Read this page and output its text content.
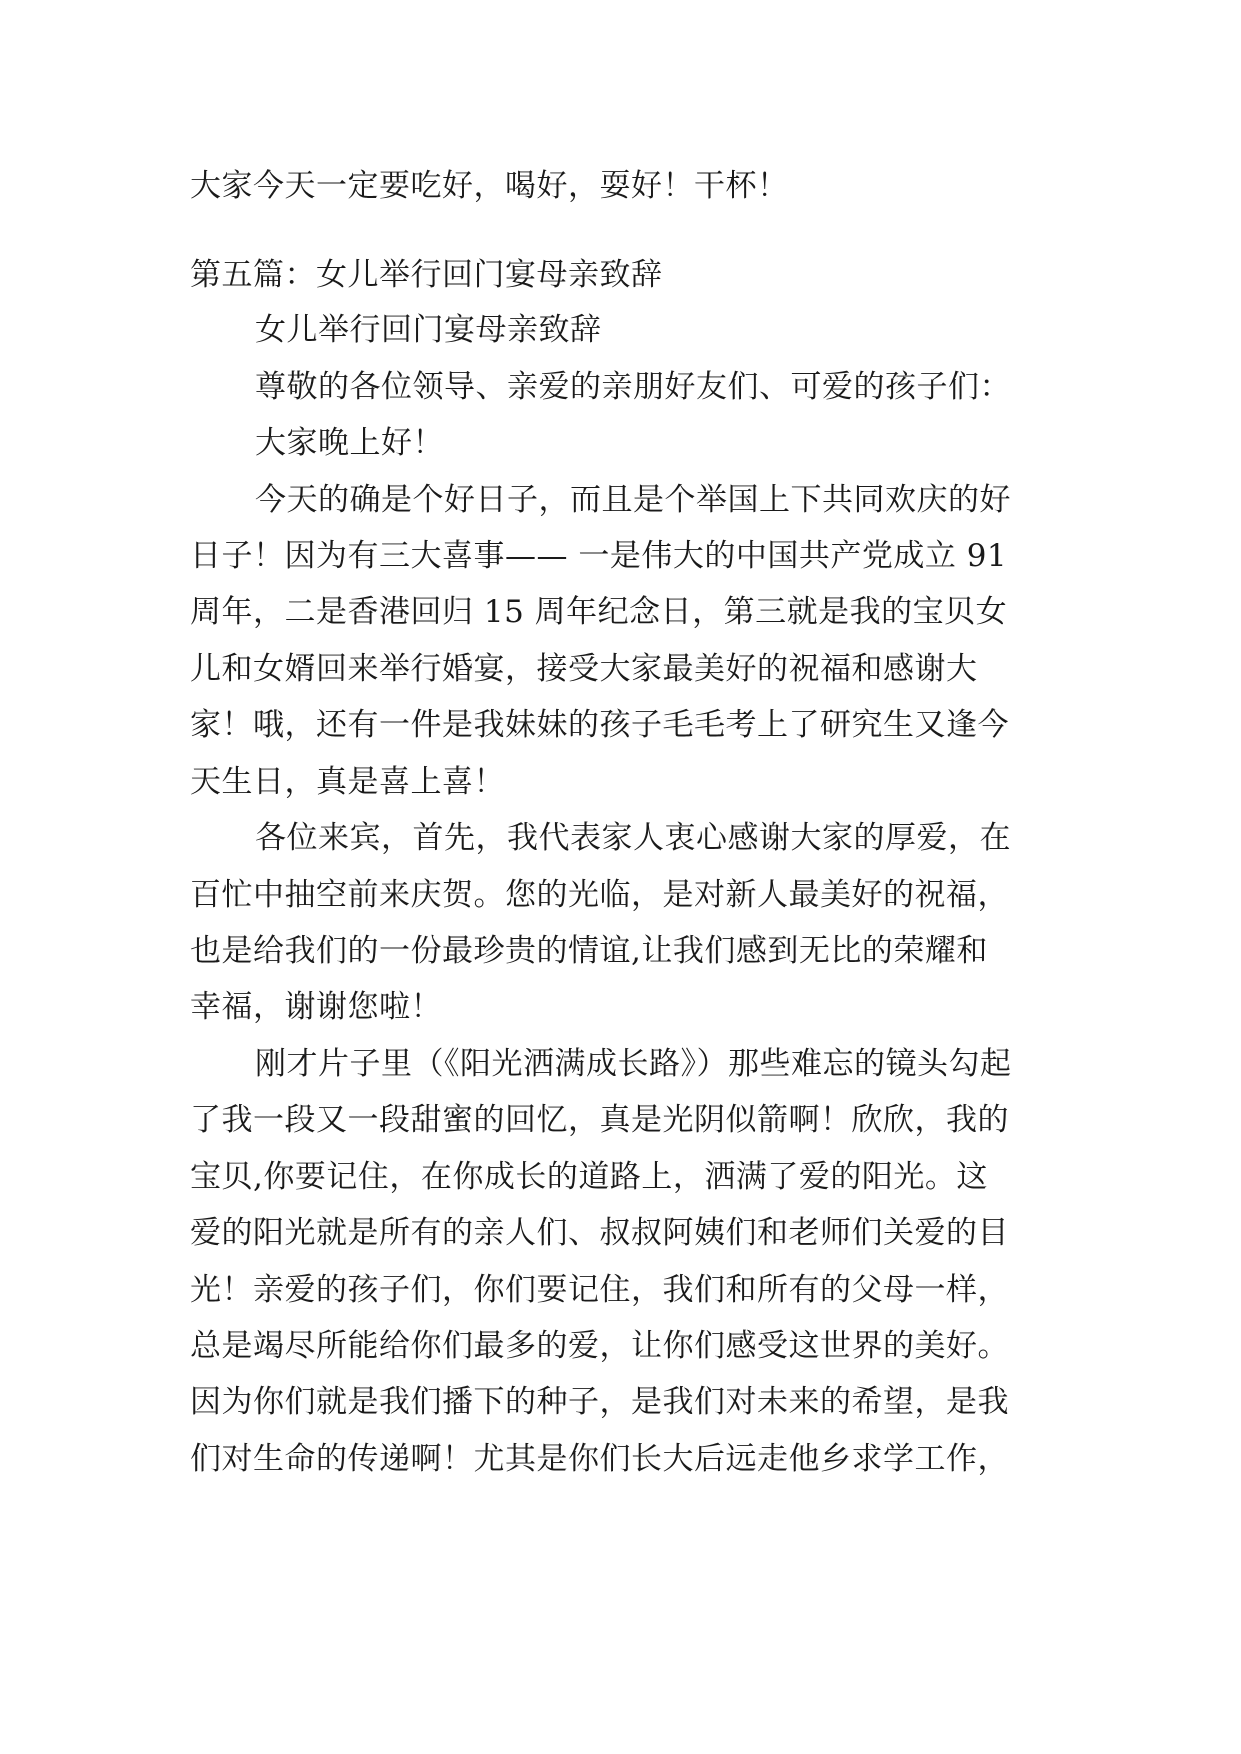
大家今天一定要吃好，喝好，耍好！干杯！
第五篇：女儿举行回门宴母亲致辞
女儿举行回门宴母亲致辞
尊敬的各位领导、亲爱的亲朋好友们、可爱的孩子们：
大家晚上好！
今天的确是个好日子，而且是个举国上下共同欢庆的好
日子！因为有三大喜事—— 一是伟大的中国共产党成立 91
周年，二是香港回归 15 周年纪念日，第三就是我的宝贝女
儿和女婿回来举行婚宴，接受大家最美好的祝福和感谢大
家！哦，还有一件是我妹妹的孩子毛毛考上了研究生又逢今
天生日，真是喜上喜！
各位来宾，首先，我代表家人衷心感谢大家的厚爱，在
百忙中抽空前来庆贺。您的光临，是对新人最美好的祝福，
也是给我们的一份最珍贵的情谊,让我们感到无比的荣耀和
幸福，谢谢您啦！
刚才片子里（《阳光洒满成长路》）那些难忘的镜头勾起
了我一段又一段甜蜜的回忆，真是光阴似箭啊！欣欣，我的
宝贝,你要记住，在你成长的道路上，洒满了爱的阳光。这
爱的阳光就是所有的亲人们、叔叔阿姨们和老师们关爱的目
光！亲爱的孩子们，你们要记住，我们和所有的父母一样，
总是竭尽所能给你们最多的爱，让你们感受这世界的美好。
因为你们就是我们播下的种子，是我们对未来的希望，是我
们对生命的传递啊！尤其是你们长大后远走他乡求学工作，
